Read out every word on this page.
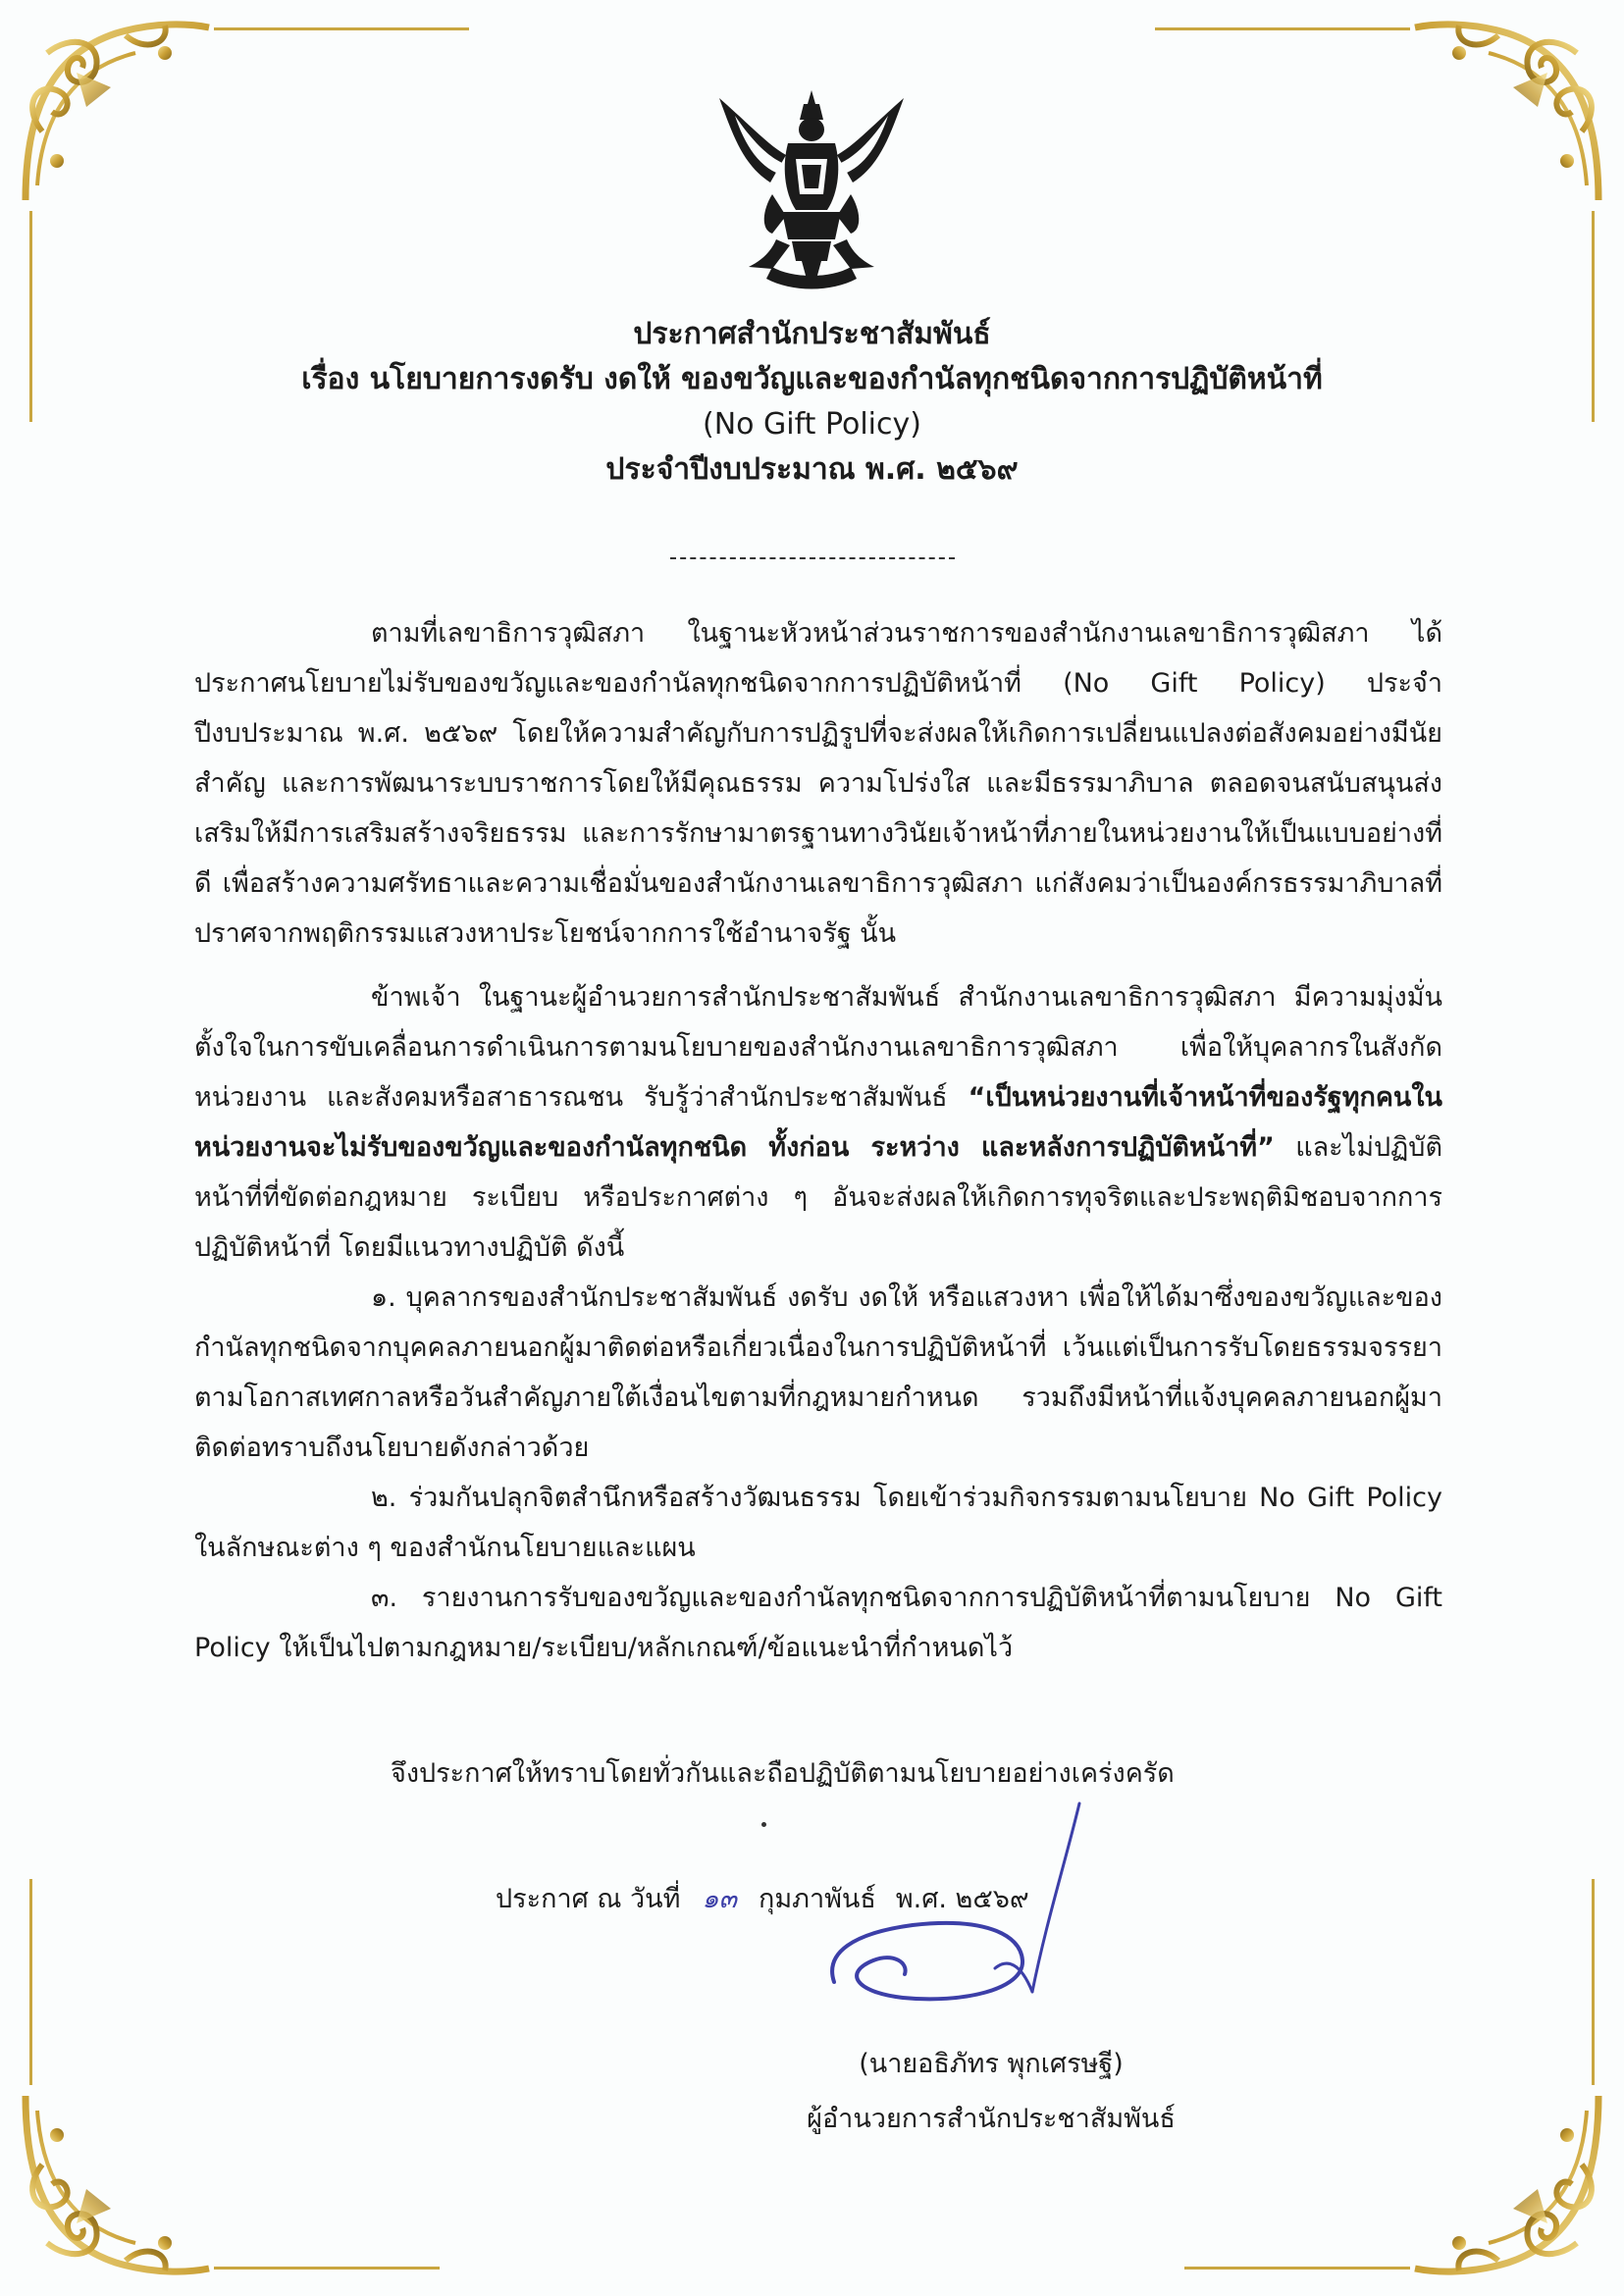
ประกาศสำนักประชาสัมพันธ์
เรื่อง นโยบายการงดรับ งดให้ ของขวัญและของกำนัลทุกชนิดจากการปฏิบัติหน้าที่
(No Gift Policy)
ประจำปีงบประมาณ พ.ศ. ๒๕๖๙

ตามที่เลขาธิการวุฒิสภา ในฐานะหัวหน้าส่วนราชการของสำนักงานเลขาธิการวุฒิสภา ได้ประกาศนโยบายไม่รับของขวัญและของกำนัลทุกชนิดจากการปฏิบัติหน้าที่ (No Gift Policy) ประจำปีงบประมาณ พ.ศ. ๒๕๖๙ โดยให้ความสำคัญกับการปฏิรูปที่จะส่งผลให้เกิดการเปลี่ยนแปลงต่อสังคมอย่างมีนัยสำคัญ และการพัฒนาระบบราชการโดยให้มีคุณธรรม ความโปร่งใส และมีธรรมาภิบาล ตลอดจนสนับสนุนส่งเสริมให้มีการเสริมสร้างจริยธรรม และการรักษามาตรฐานทางวินัยเจ้าหน้าที่ภายในหน่วยงานให้เป็นแบบอย่างที่ดี เพื่อสร้างความศรัทธาและความเชื่อมั่นของสำนักงานเลขาธิการวุฒิสภา แก่สังคมว่าเป็นองค์กรธรรมาภิบาลที่ปราศจากพฤติกรรมแสวงหาประโยชน์จากการใช้อำนาจรัฐ นั้น

ข้าพเจ้า ในฐานะผู้อำนวยการสำนักประชาสัมพันธ์ สำนักงานเลขาธิการวุฒิสภา มีความมุ่งมั่นตั้งใจในการขับเคลื่อนการดำเนินการตามนโยบายของสำนักงานเลขาธิการวุฒิสภา เพื่อให้บุคลากรในสังกัด หน่วยงาน และสังคมหรือสาธารณชน รับรู้ว่าสำนักประชาสัมพันธ์ “เป็นหน่วยงานที่เจ้าหน้าที่ของรัฐทุกคนในหน่วยงานจะไม่รับของขวัญและของกำนัลทุกชนิด ทั้งก่อน ระหว่าง และหลังการปฏิบัติหน้าที่” และไม่ปฏิบัติหน้าที่ที่ขัดต่อกฎหมาย ระเบียบ หรือประกาศต่าง ๆ อันจะส่งผลให้เกิดการทุจริตและประพฤติมิชอบจากการปฏิบัติหน้าที่ โดยมีแนวทางปฏิบัติ ดังนี้

๑. บุคลากรของสำนักประชาสัมพันธ์ งดรับ งดให้ หรือแสวงหา เพื่อให้ได้มาซึ่งของขวัญและของกำนัลทุกชนิดจากบุคคลภายนอกผู้มาติดต่อหรือเกี่ยวเนื่องในการปฏิบัติหน้าที่ เว้นแต่เป็นการรับโดยธรรมจรรยาตามโอกาสเทศกาลหรือวันสำคัญภายใต้เงื่อนไขตามที่กฎหมายกำหนด รวมถึงมีหน้าที่แจ้งบุคคลภายนอกผู้มาติดต่อทราบถึงนโยบายดังกล่าวด้วย

๒. ร่วมกันปลุกจิตสำนึกหรือสร้างวัฒนธรรม โดยเข้าร่วมกิจกรรมตามนโยบาย No Gift Policy ในลักษณะต่าง ๆ ของสำนักนโยบายและแผน

๓. รายงานการรับของขวัญและของกำนัลทุกชนิดจากการปฏิบัติหน้าที่ตามนโยบาย No Gift Policy ให้เป็นไปตามกฎหมาย/ระเบียบ/หลักเกณฑ์/ข้อแนะนำที่กำหนดไว้

จึงประกาศให้ทราบโดยทั่วกันและถือปฏิบัติตามนโยบายอย่างเคร่งครัด
ประกาศ ณ วันที่ ๑๓ กุมภาพันธ์ พ.ศ. ๒๕๖๙
(นายอธิภัทร พุกเศรษฐี)
ผู้อำนวยการสำนักประชาสัมพันธ์
